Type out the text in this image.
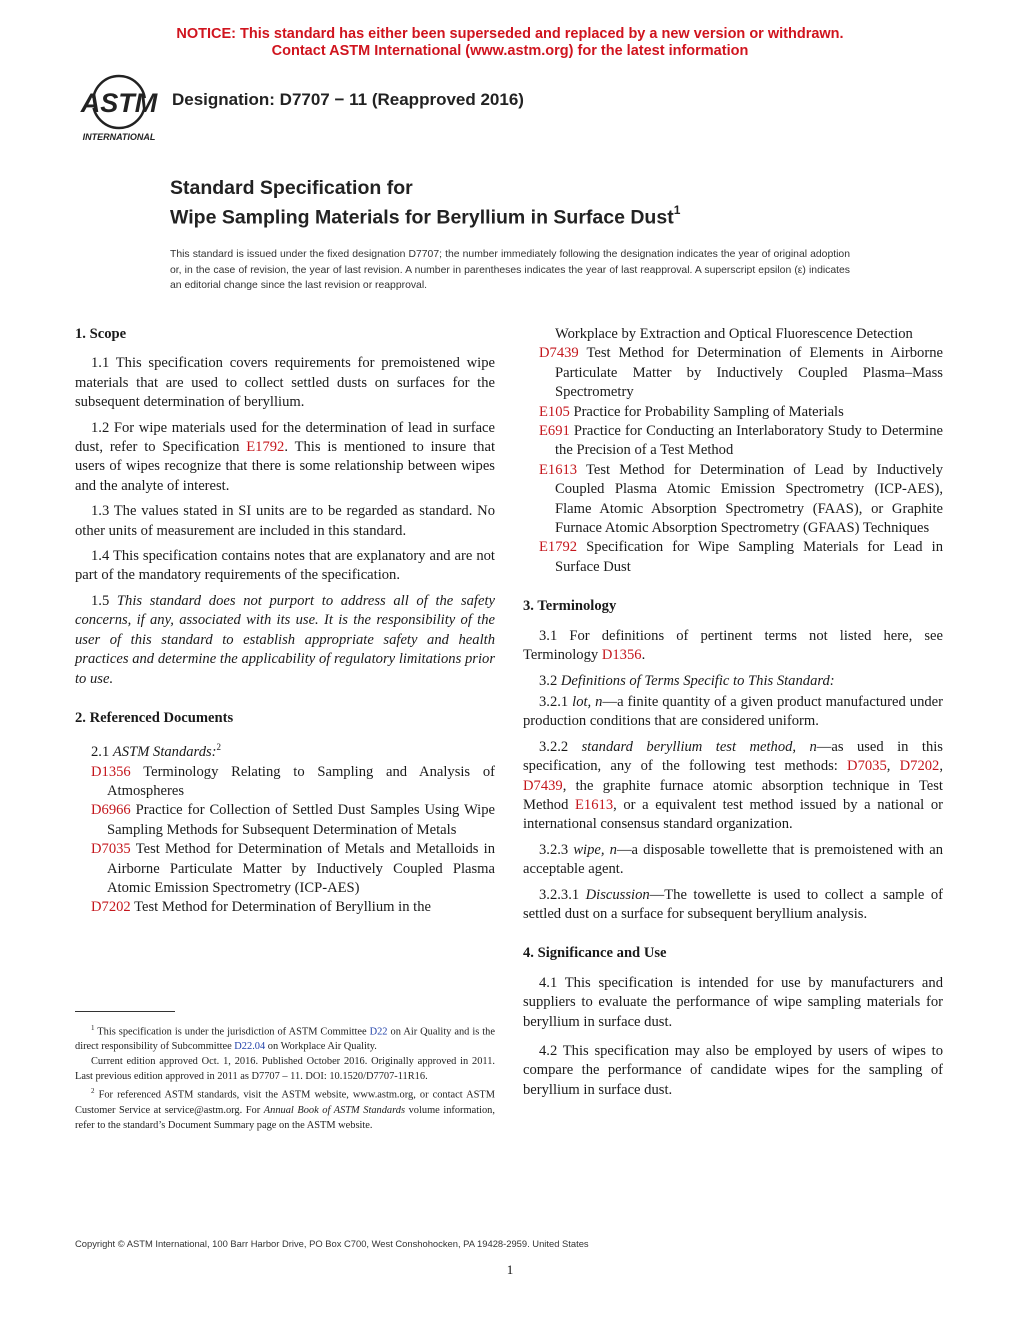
NOTICE: This standard has either been superseded and replaced by a new version or withdrawn.
Contact ASTM International (www.astm.org) for the latest information
ASTM
INTERNATIONAL
Designation: D7707 − 11 (Reapproved 2016)
Standard Specification for
Wipe Sampling Materials for Beryllium in Surface Dust$^1$
This standard is issued under the fixed designation D7707; the number immediately following the designation indicates the year of original adoption or, in the case of revision, the year of last revision. A number in parentheses indicates the year of last reapproval. A superscript epsilon (ε) indicates an editorial change since the last revision or reapproval.
1. Scope

1.1 This specification covers requirements for premoistened wipe materials that are used to collect settled dusts on surfaces for the subsequent determination of beryllium.

1.2 For wipe materials used for the determination of lead in surface dust, refer to Specification E1792. This is mentioned to insure that users of wipes recognize that there is some relationship between wipes and the analyte of interest.

1.3 The values stated in SI units are to be regarded as standard. No other units of measurement are included in this standard.

1.4 This specification contains notes that are explanatory and are not part of the mandatory requirements of the specification.

1.5 This standard does not purport to address all of the safety concerns, if any, associated with its use. It is the responsibility of the user of this standard to establish appropriate safety and health practices and determine the applicability of regulatory limitations prior to use.

2. Referenced Documents

2.1 ASTM Standards:$^2$

D1356 Terminology Relating to Sampling and Analysis of Atmospheres
D6966 Practice for Collection of Settled Dust Samples Using Wipe Sampling Methods for Subsequent Determination of Metals
D7035 Test Method for Determination of Metals and Metalloids in Airborne Particulate Matter by Inductively Coupled Plasma Atomic Emission Spectrometry (ICP-AES)
D7202 Test Method for Determination of Beryllium in the

$^1$ This specification is under the jurisdiction of ASTM Committee D22 on Air Quality and is the direct responsibility of Subcommittee D22.04 on Workplace Air Quality.

Current edition approved Oct. 1, 2016. Published October 2016. Originally approved in 2011. Last previous edition approved in 2011 as D7707 – 11. DOI: 10.1520/D7707-11R16.

$^2$ For referenced ASTM standards, visit the ASTM website, www.astm.org, or contact ASTM Customer Service at service@astm.org. For Annual Book of ASTM Standards volume information, refer to the standard’s Document Summary page on the ASTM website.

Workplace by Extraction and Optical Fluorescence Detection
D7439 Test Method for Determination of Elements in Airborne Particulate Matter by Inductively Coupled Plasma–Mass Spectrometry
E105 Practice for Probability Sampling of Materials
E691 Practice for Conducting an Interlaboratory Study to Determine the Precision of a Test Method
E1613 Test Method for Determination of Lead by Inductively Coupled Plasma Atomic Emission Spectrometry (ICP-AES), Flame Atomic Absorption Spectrometry (FAAS), or Graphite Furnace Atomic Absorption Spectrometry (GFAAS) Techniques
E1792 Specification for Wipe Sampling Materials for Lead in Surface Dust
3. Terminology

3.1 For definitions of pertinent terms not listed here, see Terminology D1356.

3.2 Definitions of Terms Specific to This Standard:

3.2.1 lot, n—a finite quantity of a given product manufactured under production conditions that are considered uniform.

3.2.2 standard beryllium test method, n—as used in this specification, any of the following test methods: D7035, D7202, D7439, the graphite furnace atomic absorption technique in Test Method E1613, or a equivalent test method issued by a national or international consensus standard organization.

3.2.3 wipe, n—a disposable towellette that is premoistened with an acceptable agent.

3.2.3.1 Discussion—The towellette is used to collect a sample of settled dust on a surface for subsequent beryllium analysis.

4. Significance and Use

4.1 This specification is intended for use by manufacturers and suppliers to evaluate the performance of wipe sampling materials for beryllium in surface dust.

4.2 This specification may also be employed by users of wipes to compare the performance of candidate wipes for the sampling of beryllium in surface dust.

Copyright © ASTM International, 100 Barr Harbor Drive, PO Box C700, West Conshohocken, PA 19428-2959. United States
1
